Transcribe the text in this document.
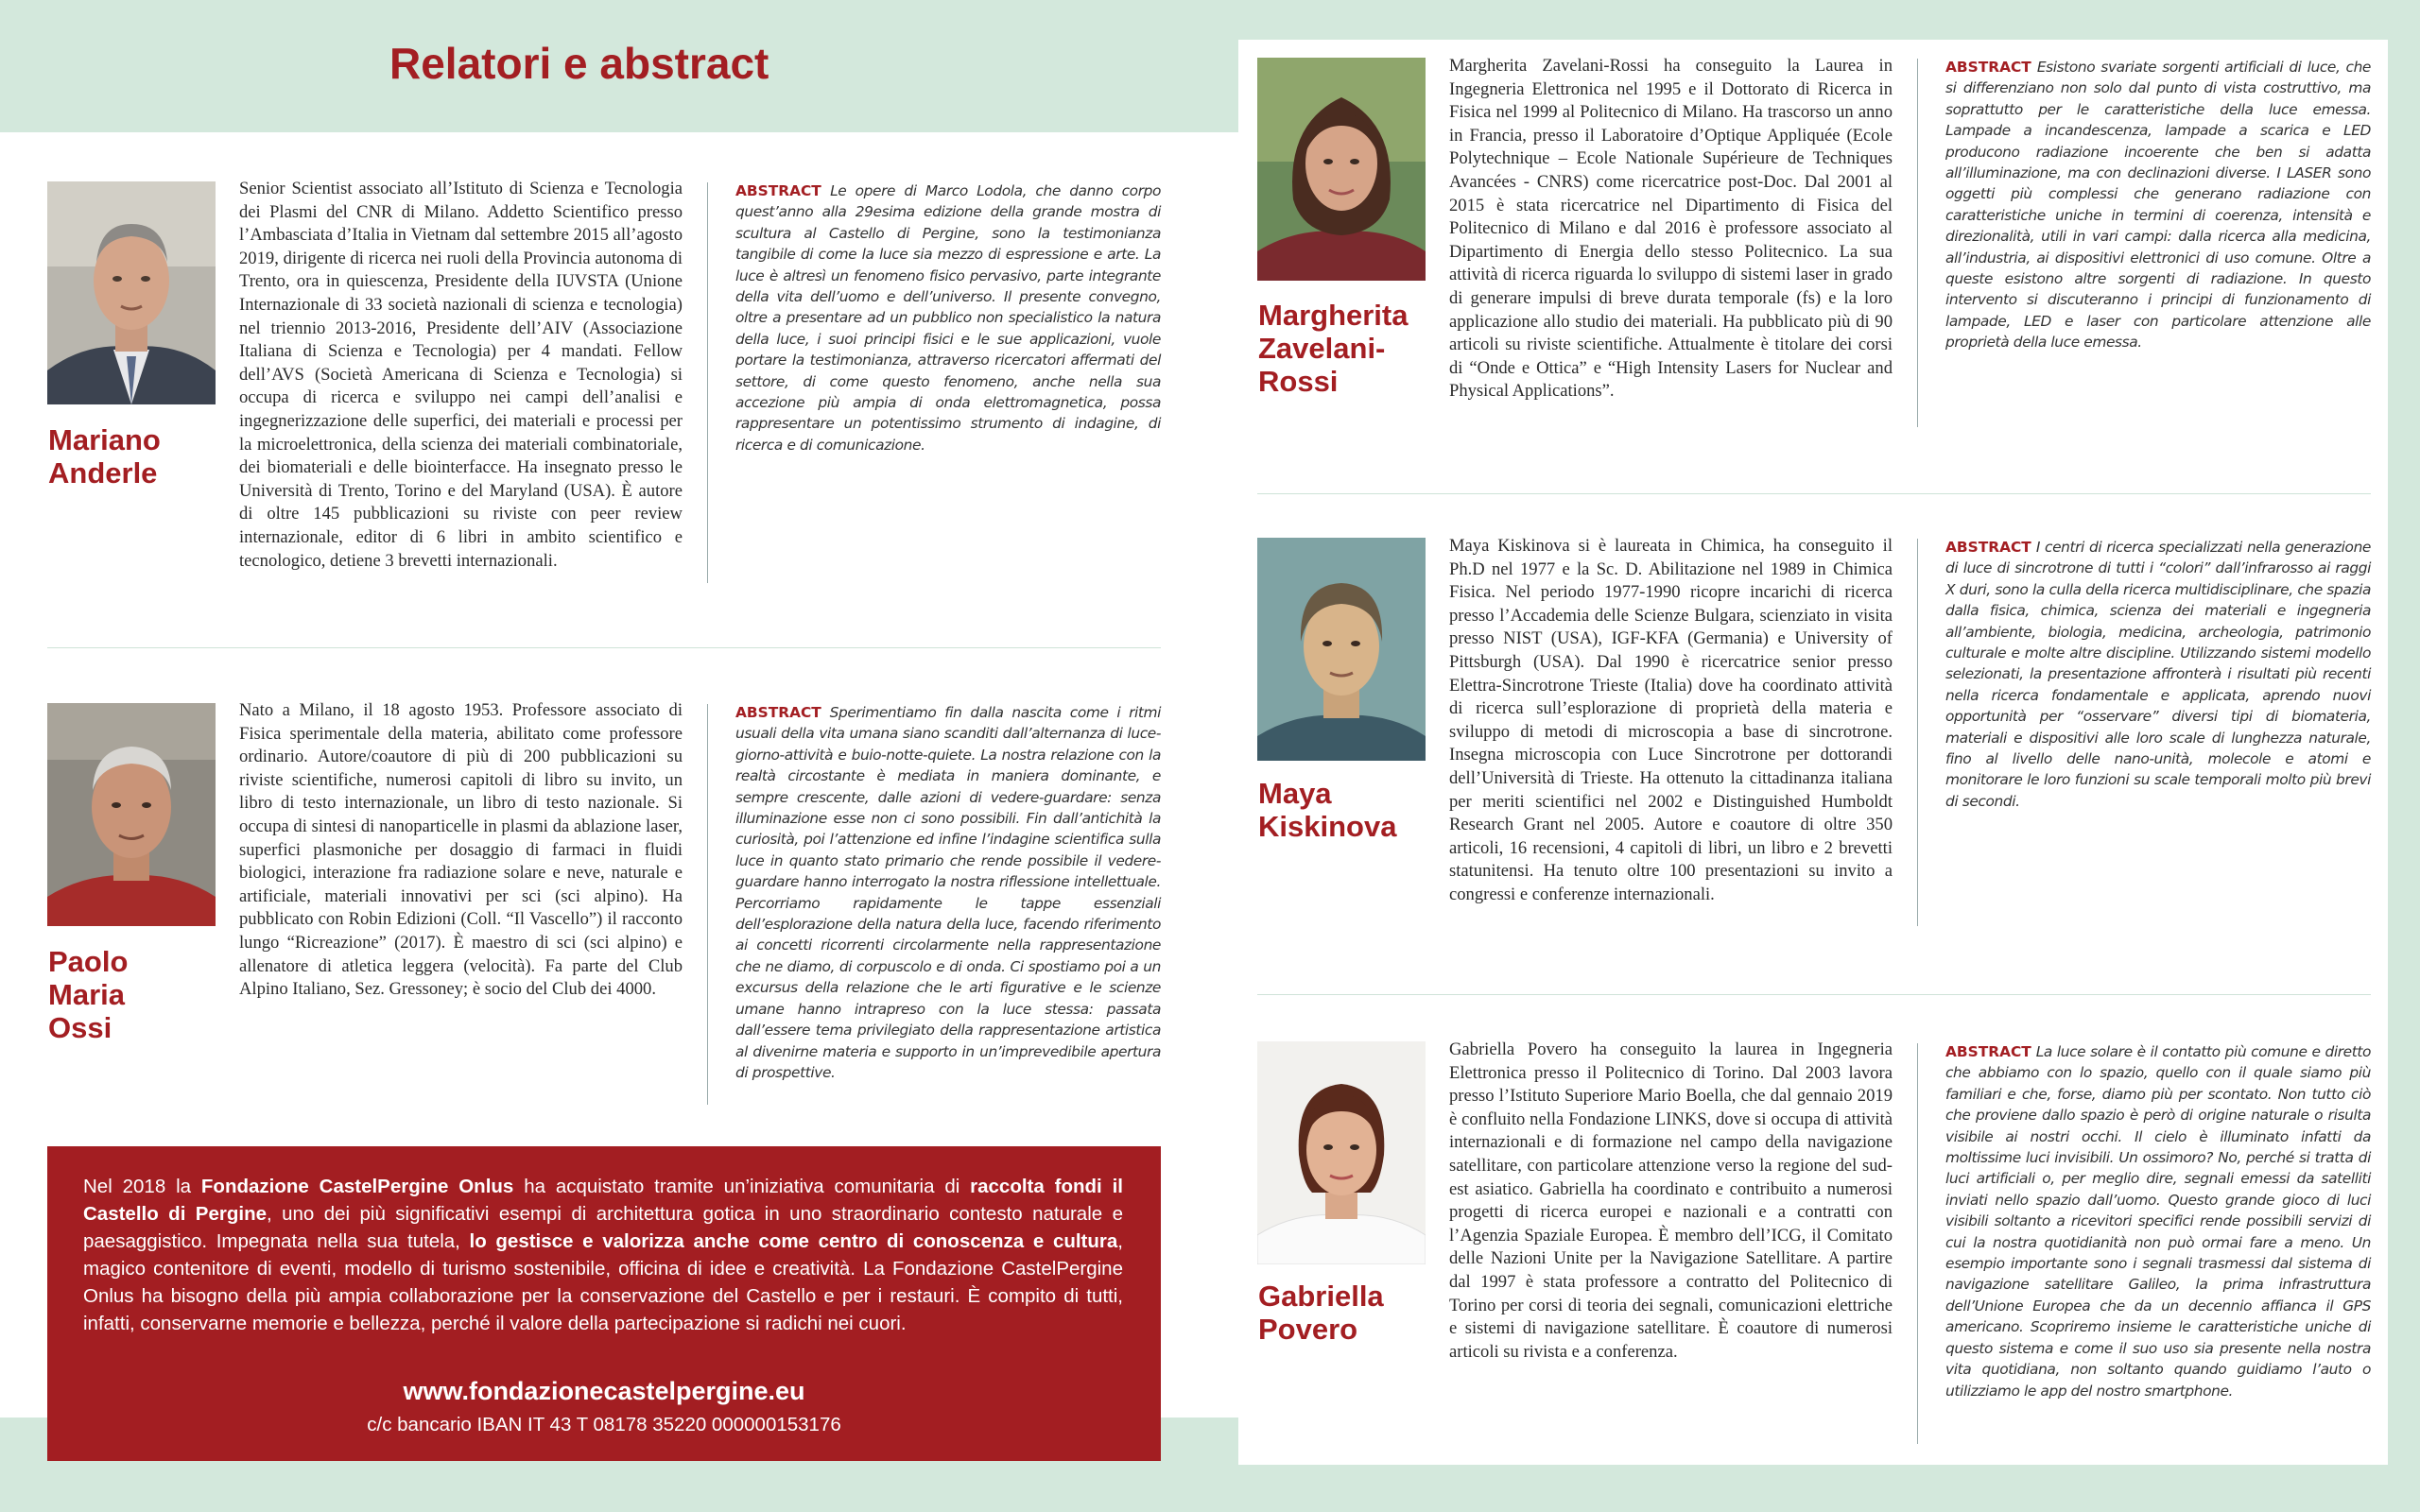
Relatori e abstract
Mariano
Anderle
Senior Scientist associato all’Istituto di Scienza e Tecnologia dei Plasmi del CNR di Milano. Addetto Scientifico presso l’Ambasciata d’Italia in Vietnam dal settembre 2015 all’agosto 2019, dirigente di ricerca nei ruoli della Provincia autonoma di Trento, ora in quiescenza, Presidente della IUVSTA (Unione Internazionale di 33 società nazionali di scienza e tecnologia) nel triennio 2013-2016, Presidente dell’AIV (Associazione Italiana di Scienza e Tecnologia) per 4 mandati. Fellow dell’AVS (Società Americana di Scienza e Tecnologia) si occupa di ricerca e sviluppo nei campi dell’analisi e ingegnerizzazione delle superfici, dei materiali e processi per la microelettronica, della scienza dei materiali combinatoriale, dei biomateriali e delle biointerfacce. Ha insegnato presso le Università di Trento, Torino e del Maryland (USA). È autore di oltre 145 pubblicazioni su riviste con peer review internazionale, editor di 6 libri in ambito scientifico e tecnologico, detiene 3 brevetti internazionali.
ABSTRACT Le opere di Marco Lodola, che danno corpo quest’anno alla 29esima edizione della grande mostra di scultura al Castello di Pergine, sono la testimonianza tangibile di come la luce sia mezzo di espressione e arte. La luce è altresì un fenomeno fisico pervasivo, parte integrante della vita dell’uomo e dell’universo. Il presente convegno, oltre a presentare ad un pubblico non specialistico la natura della luce, i suoi principi fisici e le sue applicazioni, vuole portare la testimonianza, attraverso ricercatori affermati del settore, di come questo fenomeno, anche nella sua accezione più ampia di onda elettromagnetica, possa rappresentare un potentissimo strumento di indagine, di ricerca e di comunicazione.
Paolo
Maria
Ossi
Nato a Milano, il 18 agosto 1953. Professore associato di Fisica sperimentale della materia, abilitato come professore ordinario. Autore/coautore di più di 200 pubblicazioni su riviste scientifiche, numerosi capitoli di libro su invito, un libro di testo internazionale, un libro di testo nazionale. Si occupa di sintesi di nanoparticelle in plasmi da ablazione laser, superfici plasmoniche per dosaggio di farmaci in fluidi biologici, interazione fra radiazione solare e neve, naturale e artificiale, materiali innovativi per sci (sci alpino). Ha pubblicato con Robin Edizioni (Coll. “Il Vascello”) il racconto lungo “Ricreazione” (2017). È maestro di sci (sci alpino) e allenatore di atletica leggera (velocità). Fa parte del Club Alpino Italiano, Sez. Gressoney; è socio del Club dei 4000.
ABSTRACT Sperimentiamo fin dalla nascita come i ritmi usuali della vita umana siano scanditi dall’alternanza di luce-giorno-attività e buio-notte-quiete. La nostra relazione con la realtà circostante è mediata in maniera dominante, e sempre crescente, dalle azioni di vedere-guardare: senza illuminazione esse non ci sono possibili. Fin dall’antichità la curiosità, poi l’attenzione ed infine l’indagine scientifica sulla luce in quanto stato primario che rende possibile il vedere-guardare hanno interrogato la nostra riflessione intellettuale. Percorriamo rapidamente le tappe essenziali dell’esplorazione della natura della luce, facendo riferimento ai concetti ricorrenti circolarmente nella rappresentazione che ne diamo, di corpuscolo e di onda. Ci spostiamo poi a un excursus della relazione che le arti figurative e le scienze umane hanno intrapreso con la luce stessa: passata dall’essere tema privilegiato della rappresentazione artistica al divenirne materia e supporto in un’imprevedibile apertura di prospettive.
Nel 2018 la Fondazione CastelPergine Onlus ha acquistato tramite un’iniziativa comunitaria di raccolta fondi il Castello di Pergine, uno dei più significativi esempi di architettura gotica in uno straordinario contesto naturale e paesaggistico. Impegnata nella sua tutela, lo gestisce e valorizza anche come centro di conoscenza e cultura, magico contenitore di eventi, modello di turismo sostenibile, officina di idee e creatività. La Fondazione CastelPergine Onlus ha bisogno della più ampia collaborazione per la conservazione del Castello e per i restauri. È compito di tutti, infatti, conservarne memorie e bellezza, perché il valore della partecipazione si radichi nei cuori.
www.fondazionecastelpergine.eu
c/c bancario IBAN IT 43 T 08178 35220 000000153176
Margherita
Zavelani-
Rossi
Margherita Zavelani-Rossi ha conseguito la Laurea in Ingegneria Elettronica nel 1995 e il Dottorato di Ricerca in Fisica nel 1999 al Politecnico di Milano. Ha trascorso un anno in Francia, presso il Laboratoire d’Optique Appliquée (Ecole Polytechnique – Ecole Nationale Supérieure de Techniques Avancées - CNRS) come ricercatrice post-Doc. Dal 2001 al 2015 è stata ricercatrice nel Dipartimento di Fisica del Politecnico di Milano e dal 2016 è professore associato al Dipartimento di Energia dello stesso Politecnico. La sua attività di ricerca riguarda lo sviluppo di sistemi laser in grado di generare impulsi di breve durata temporale (fs) e la loro applicazione allo studio dei materiali. Ha pubblicato più di 90 articoli su riviste scientifiche. Attualmente è titolare dei corsi di “Onde e Ottica” e “High Intensity Lasers for Nuclear and Physical Applications”.
ABSTRACT Esistono svariate sorgenti artificiali di luce, che si differenziano non solo dal punto di vista costruttivo, ma soprattutto per le caratteristiche della luce emessa. Lampade a incandescenza, lampade a scarica e LED producono radiazione incoerente che ben si adatta all’illuminazione, ma con declinazioni diverse. I LASER sono oggetti più complessi che generano radiazione con caratteristiche uniche in termini di coerenza, intensità e direzionalità, utili in vari campi: dalla ricerca alla medicina, all’industria, ai dispositivi elettronici di uso comune. Oltre a queste esistono altre sorgenti di radiazione. In questo intervento si discuteranno i principi di funzionamento di lampade, LED e laser con particolare attenzione alle proprietà della luce emessa.
Maya
Kiskinova
Maya Kiskinova si è laureata in Chimica, ha conseguito il Ph.D nel 1977 e la Sc. D. Abilitazione nel 1989 in Chimica Fisica. Nel periodo 1977-1990 ricopre incarichi di ricerca presso l’Accademia delle Scienze Bulgara, scienziato in visita presso NIST (USA), IGF-KFA (Germania) e University of Pittsburgh (USA). Dal 1990 è ricercatrice senior presso Elettra-Sincrotrone Trieste (Italia) dove ha coordinato attività di ricerca sull’esplorazione di proprietà della materia e sviluppo di metodi di microscopia a base di sincrotrone. Insegna microscopia con Luce Sincrotrone per dottorandi dell’Università di Trieste. Ha ottenuto la cittadinanza italiana per meriti scientifici nel 2002 e Distinguished Humboldt Research Grant nel 2005. Autore e coautore di oltre 350 articoli, 16 recensioni, 4 capitoli di libri, un libro e 2 brevetti statunitensi. Ha tenuto oltre 100 presentazioni su invito a congressi e conferenze internazionali.
ABSTRACT I centri di ricerca specializzati nella generazione di luce di sincrotrone di tutti i “colori” dall’infrarosso ai raggi X duri, sono la culla della ricerca multidisciplinare, che spazia dalla fisica, chimica, scienza dei materiali e ingegneria all’ambiente, biologia, medicina, archeologia, patrimonio culturale e molte altre discipline. Utilizzando sistemi modello selezionati, la presentazione affronterà i risultati più recenti nella ricerca fondamentale e applicata, aprendo nuovi opportunità per “osservare” diversi tipi di biomateria, materiali e dispositivi alle loro scale di lunghezza naturale, fino al livello delle nano-unità, molecole e atomi e monitorare le loro funzioni su scale temporali molto più brevi di secondi.
Gabriella
Povero
Gabriella Povero ha conseguito la laurea in Ingegneria Elettronica presso il Politecnico di Torino. Dal 2003 lavora presso l’Istituto Superiore Mario Boella, che dal gennaio 2019 è confluito nella Fondazione LINKS, dove si occupa di attività internazionali e di formazione nel campo della navigazione satellitare, con particolare attenzione verso la regione del sud-est asiatico. Gabriella ha coordinato e contribuito a numerosi progetti di ricerca europei e nazionali e a contratti con l’Agenzia Spaziale Europea. È membro dell’ICG, il Comitato delle Nazioni Unite per la Navigazione Satellitare. A partire dal 1997 è stata professore a contratto del Politecnico di Torino per corsi di teoria dei segnali, comunicazioni elettriche e sistemi di navigazione satellitare. È coautore di numerosi articoli su rivista e a conferenza.
ABSTRACT La luce solare è il contatto più comune e diretto che abbiamo con lo spazio, quello con il quale siamo più familiari e che, forse, diamo più per scontato. Non tutto ciò che proviene dallo spazio è però di origine naturale o risulta visibile ai nostri occhi. Il cielo è illuminato infatti da moltissime luci invisibili. Un ossimoro? No, perché si tratta di luci artificiali o, per meglio dire, segnali emessi da satelliti inviati nello spazio dall’uomo. Questo grande gioco di luci visibili soltanto a ricevitori specifici rende possibili servizi di cui la nostra quotidianità non può ormai fare a meno. Un esempio importante sono i segnali trasmessi dal sistema di navigazione satellitare Galileo, la prima infrastruttura dell’Unione Europea che da un decennio affianca il GPS americano. Scopriremo insieme le caratteristiche uniche di questo sistema e come il suo uso sia presente nella nostra vita quotidiana, non soltanto quando guidiamo l’auto o utilizziamo le app del nostro smartphone.
